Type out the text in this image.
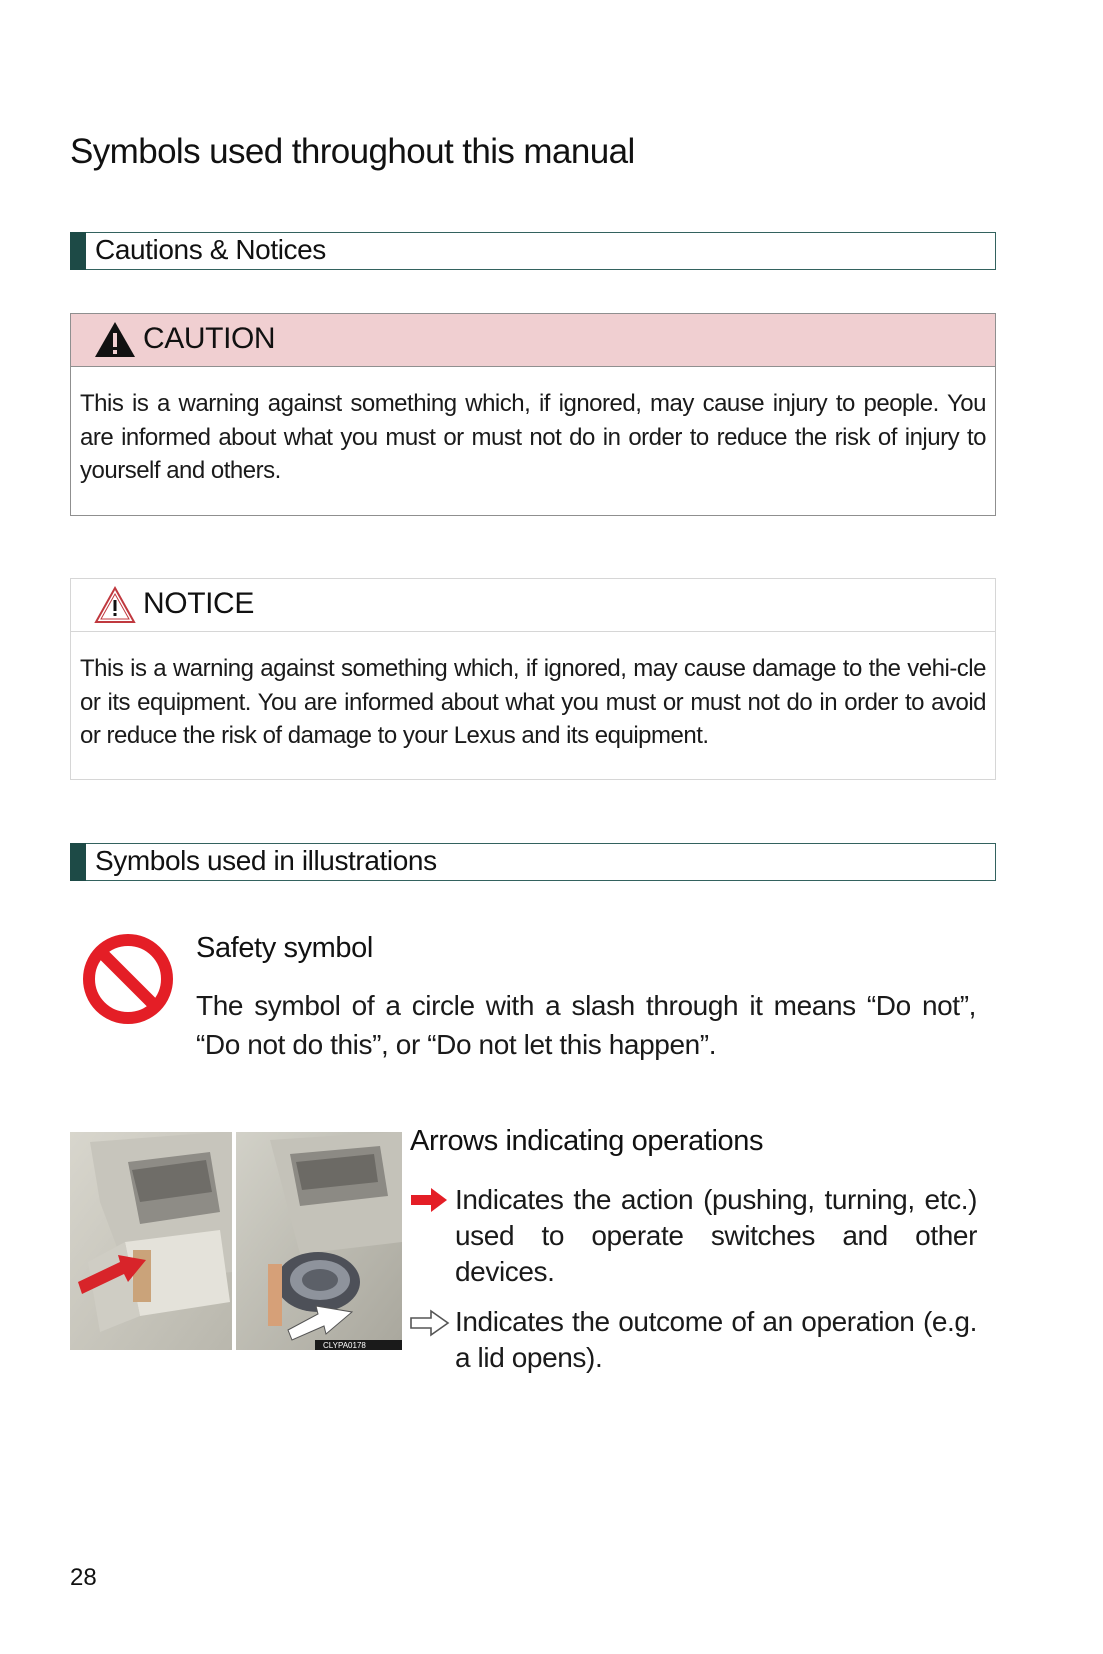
Symbols used throughout this manual
Cautions & Notices
CAUTION
This is a warning against something which, if ignored, may cause injury to people. You are informed about what you must or must not do in order to reduce the risk of injury to yourself and others.
NOTICE
This is a warning against something which, if ignored, may cause damage to the vehi-cle or its equipment. You are informed about what you must or must not do in order to avoid or reduce the risk of damage to your Lexus and its equipment.
Symbols used in illustrations
Safety symbol
The symbol of a circle with a slash through it means “Do not”,
“Do not do this”, or “Do not let this happen”.
CLYPA0178
Arrows indicating operations
Indicates the action (pushing, turning, etc.)
used to operate switches and other
devices.
Indicates the outcome of an operation (e.g.
a lid opens).
28
